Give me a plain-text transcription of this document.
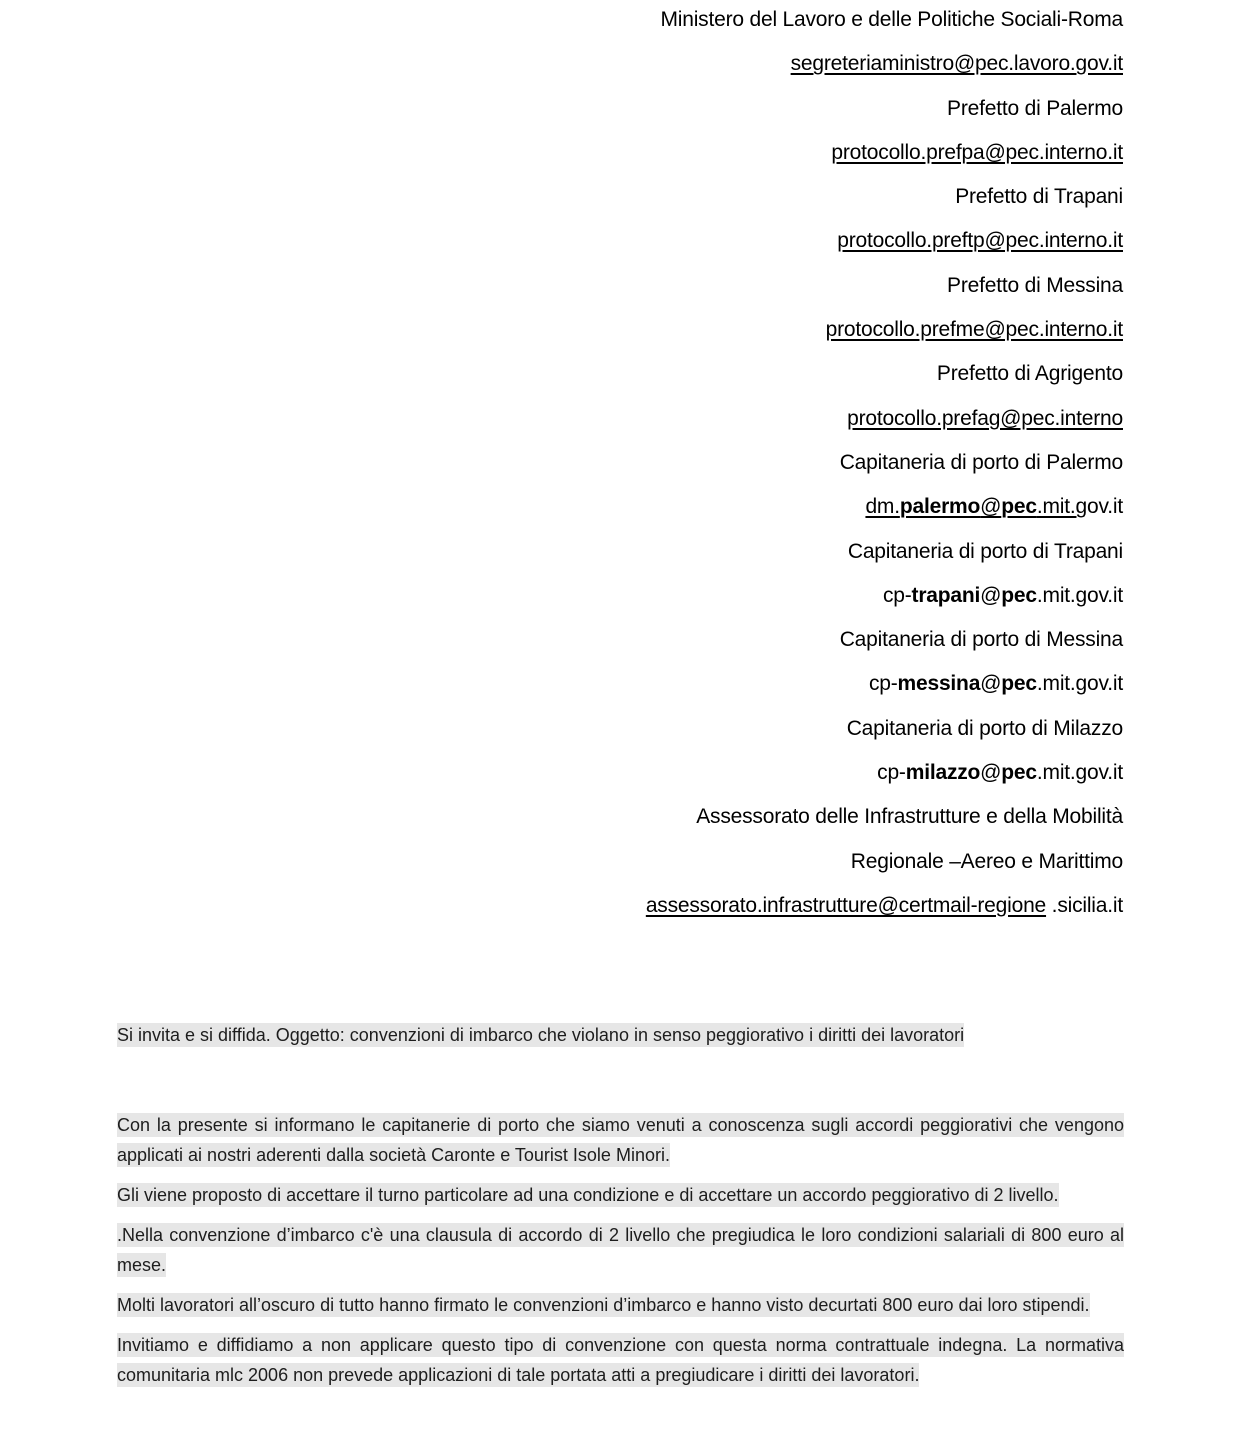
Ministero del Lavoro e delle Politiche Sociali-Roma
segreteriaministro@pec.lavoro.gov.it
Prefetto di Palermo
protocollo.prefpa@pec.interno.it
Prefetto di Trapani
protocollo.preftp@pec.interno.it
Prefetto di Messina
protocollo.prefme@pec.interno.it
Prefetto di Agrigento
protocollo.prefag@pec.interno
Capitaneria di porto di Palermo
dm.palermo@pec.mit.gov.it
Capitaneria di porto di Trapani
cp-trapani@pec.mit.gov.it
Capitaneria di porto di Messina
cp-messina@pec.mit.gov.it
Capitaneria di porto di Milazzo
cp-milazzo@pec.mit.gov.it
Assessorato delle Infrastrutture e della Mobilità
Regionale –Aereo e Marittimo
assessorato.infrastrutture@certmail-regione .sicilia.it

Si invita e si diffida. Oggetto: convenzioni di imbarco che violano in senso peggiorativo i diritti dei lavoratori

Con la presente si informano le capitanerie di porto che siamo venuti a conoscenza sugli accordi peggiorativi che vengono applicati ai nostri aderenti dalla società Caronte e Tourist Isole Minori.

Gli viene proposto di accettare il turno particolare ad una condizione e di accettare un accordo peggiorativo di 2 livello.

.Nella convenzione d’imbarco c'è una clausula di accordo di 2 livello che pregiudica le loro condizioni salariali di 800 euro al mese.

Molti lavoratori all’oscuro di tutto hanno firmato le convenzioni d’imbarco e hanno visto decurtati 800 euro dai loro stipendi.

Invitiamo e diffidiamo a non applicare questo tipo di convenzione con questa norma contrattuale indegna. La normativa comunitaria mlc 2006 non prevede applicazioni di tale portata atti a pregiudicare i diritti dei lavoratori.
